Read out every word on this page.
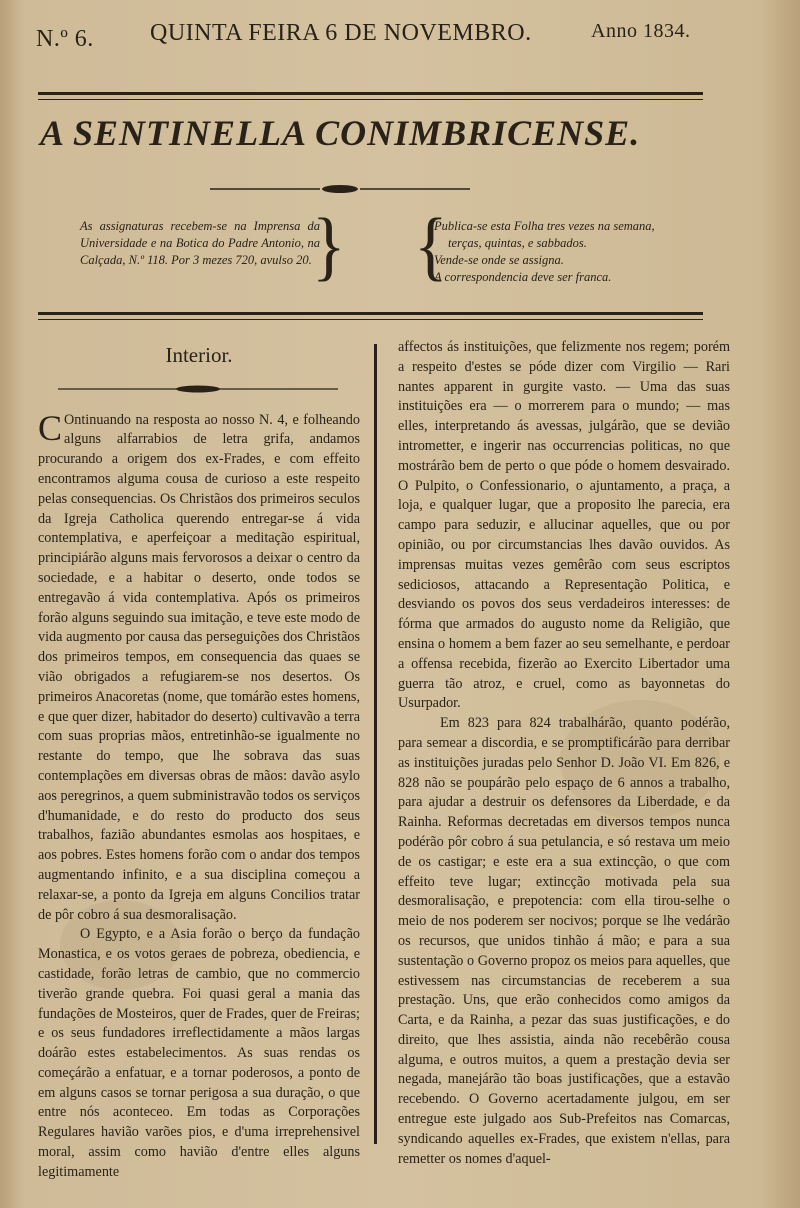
N.º 6. QUINTA FEIRA 6 DE NOVEMBRO.	Anno 1834.
A SENTINELLA CONIMBRICENSE.
As assignaturas recebem-se na Imprensa da Universidade e na Botica do Padre Antonio, na Calçada, N.º 118. Por 3 mezes 720, avulso 20. } {
Publica-se esta Folha tres vezes na semana,
terças, quintas, e sabbados.
Vende-se onde se assigna.
A correspondencia deve ser franca.
Interior.

C Ontinuando na resposta ao nosso N. 4, e folheando alguns alfarrabios de letra grifa, andamos procurando a origem dos ex-Frades, e com effeito encontramos alguma cousa de curioso a este respeito pelas consequencias. Os Christãos dos primeiros seculos da Igreja Catholica querendo entregar-se á vida contemplativa, e aperfeiçoar a meditação espiritual, principiárão alguns mais fervorosos a deixar o centro da sociedade, e a habitar o deserto, onde todos se entregavão á vida contemplativa. Após os primeiros forão alguns seguindo sua imitação, e teve este modo de vida augmento por causa das perseguições dos Christãos dos primeiros tempos, em consequencia das quaes se vião obrigados a refugiarem-se nos desertos. Os primeiros Anacoretas (nome, que tomárão estes homens, e que quer dizer, habitador do deserto) cultivavão a terra com suas proprias mãos, entretinhão-se igualmente no restante do tempo, que lhe sobrava das suas contemplações em diversas obras de mãos: davão asylo aos peregrinos, a quem subministravão todos os serviços d'humanidade, e do resto do producto dos seus trabalhos, fazião abundantes esmolas aos hospitaes, e aos pobres. Estes homens forão com o andar dos tempos augmentando infinito, e a sua disciplina começou a relaxar-se, a ponto da Igreja em alguns Concilios tratar de pôr cobro á sua desmoralisação.

O Egypto, e a Asia forão o berço da fundação Monastica, e os votos geraes de pobreza, obediencia, e castidade, forão letras de cambio, que no commercio tiverão grande quebra. Foi quasi geral a mania das fundações de Mosteiros, quer de Frades, quer de Freiras; e os seus fundadores irreflectidamente a mãos largas doárão estes estabelecimentos. As suas rendas os começárão a enfatuar, e a tornar poderosos, a ponto de em alguns casos se tornar perigosa a sua duração, o que entre nós aconteceo. Em todas as Corporações Regulares havião varões pios, e d'uma irreprehensivel moral, assim como havião d'entre elles alguns legitimamente

affectos ás instituições, que felizmente nos regem; porém a respeito d'estes se póde dizer com Virgilio — Rari nantes apparent in gurgite vasto. — Uma das suas instituições era — o morrerem para o mundo; — mas elles, interpretando ás avessas, julgárão, que se devião intrometter, e ingerir nas occurrencias politicas, no que mostrárão bem de perto o que póde o homem desvairado. O Pulpito, o Confessionario, o ajuntamento, a praça, a loja, e qualquer lugar, que a proposito lhe parecia, era campo para seduzir, e allucinar aquelles, que ou por opinião, ou por circumstancias lhes davão ouvidos. As imprensas muitas vezes gemêrão com seus escriptos sediciosos, attacando a Representação Politica, e desviando os povos dos seus verdadeiros interesses: de fórma que armados do augusto nome da Religião, que ensina o homem a bem fazer ao seu semelhante, e perdoar a offensa recebida, fizerão ao Exercito Libertador uma guerra tão atroz, e cruel, como as bayonnetas do Usurpador.

Em 823 para 824 trabalhárão, quanto podérão, para semear a discordia, e se promptificárão para derribar as instituições juradas pelo Senhor D. João VI. Em 826, e 828 não se poupárão pelo espaço de 6 annos a trabalho, para ajudar a destruir os defensores da Liberdade, e da Rainha. Reformas decretadas em diversos tempos nunca podérão pôr cobro á sua petulancia, e só restava um meio de os castigar; e este era a sua extincção, o que com effeito teve lugar; extincção motivada pela sua desmoralisação, e prepotencia: com ella tirou-selhe o meio de nos poderem ser nocivos; porque se lhe vedárão os recursos, que unidos tinhão á mão; e para a sua sustentação o Governo propoz os meios para aquelles, que estivessem nas circumstancias de receberem a sua prestação. Uns, que erão conhecidos como amigos da Carta, e da Rainha, a pezar das suas justificações, e do direito, que lhes assistia, ainda não recebêrão cousa alguma, e outros muitos, a quem a prestação devia ser negada, manejárão tão boas justificações, que a estavão recebendo. O Governo acertadamente julgou, em ser entregue este julgado aos Sub-Prefeitos nas Comarcas, syndicando aquelles ex-Frades, que existem n'ellas, para remetter os nomes d'aquel-
